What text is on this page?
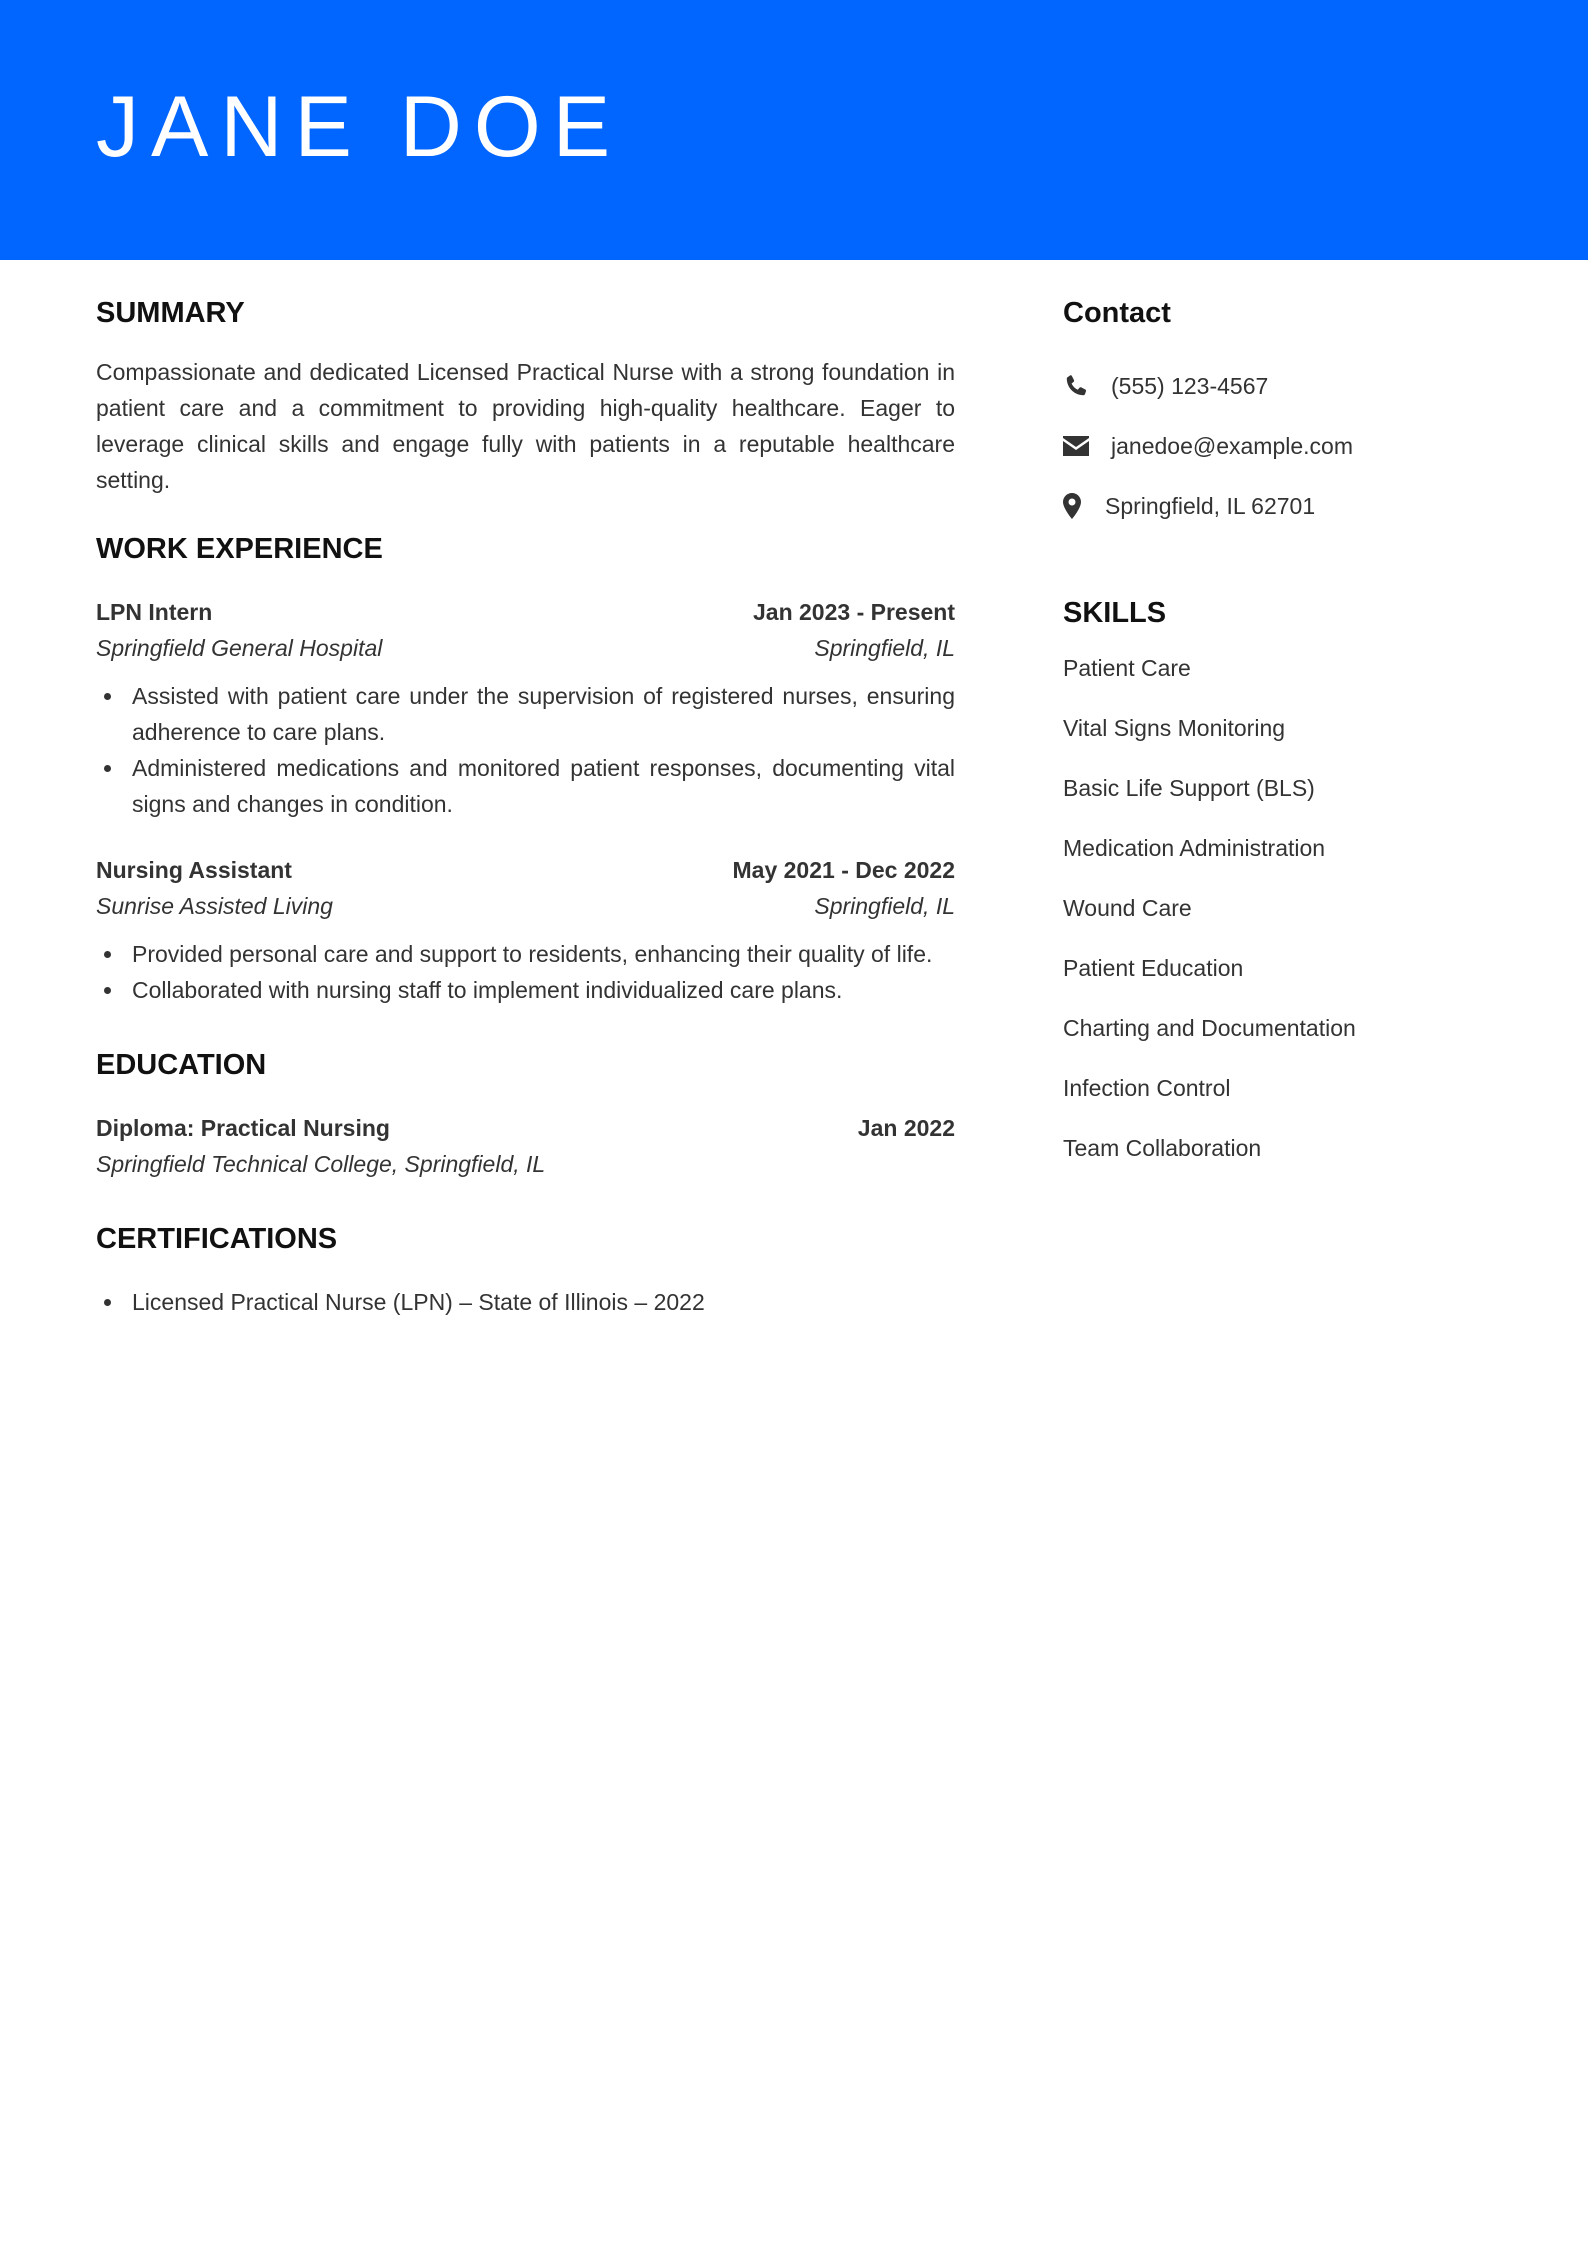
JANE DOE
SUMMARY

Compassionate and dedicated Licensed Practical Nurse with a strong foundation in patient care and a commitment to providing high-quality healthcare. Eager to leverage clinical skills and engage fully with patients in a reputable healthcare setting.

WORK EXPERIENCE
LPN Intern	Jan 2023 - Present
Springfield General Hospital	Springfield, IL
Assisted with patient care under the supervision of registered nurses, ensuring adherence to care plans.
Administered medications and monitored patient responses, documenting vital signs and changes in condition.
Nursing Assistant	May 2021 - Dec 2022
Sunrise Assisted Living	Springfield, IL
Provided personal care and support to residents, enhancing their quality of life.
Collaborated with nursing staff to implement individualized care plans.
EDUCATION
Diploma: Practical Nursing	Jan 2022
Springfield Technical College, Springfield, IL
CERTIFICATIONS
Licensed Practical Nurse (LPN) – State of Illinois – 2022
Contact
(555) 123-4567
janedoe@example.com
Springfield, IL 62701
SKILLS
Patient Care
Vital Signs Monitoring
Basic Life Support (BLS)
Medication Administration
Wound Care
Patient Education
Charting and Documentation
Infection Control
Team Collaboration
